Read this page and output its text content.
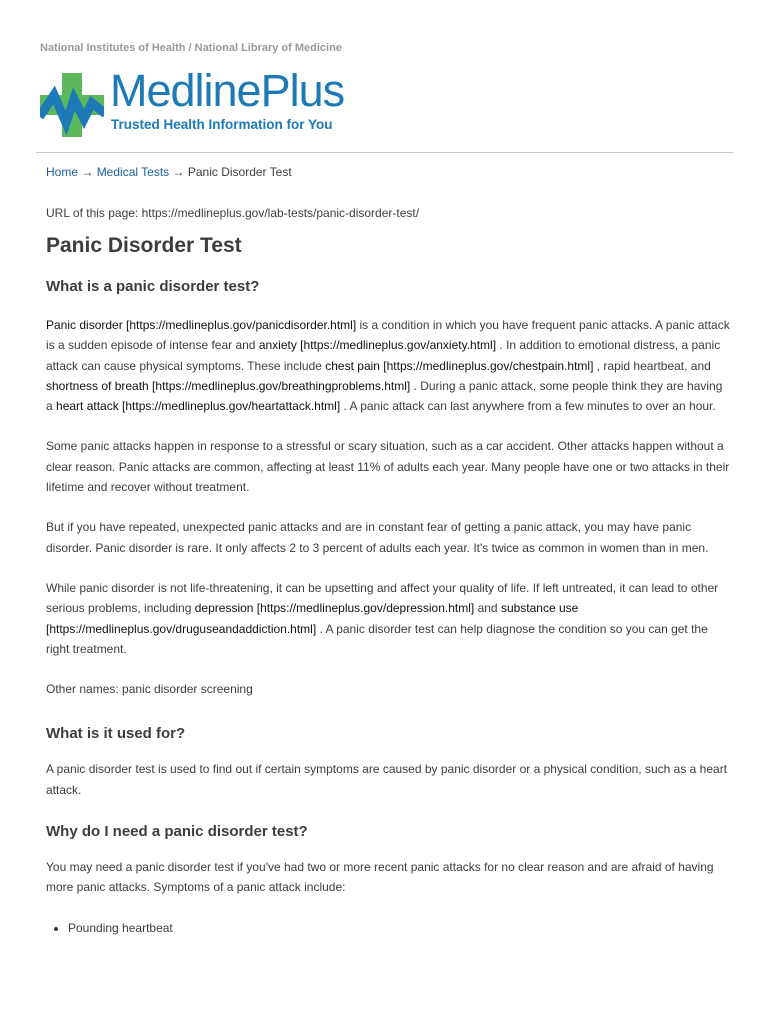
National Institutes of Health / National Library of Medicine
MedlinePlus
Trusted Health Information for You
Home → Medical Tests → Panic Disorder Test
URL of this page: https://medlineplus.gov/lab-tests/panic-disorder-test/
Panic Disorder Test
What is a panic disorder test?

Panic disorder [https://medlineplus.gov/panicdisorder.html] is a condition in which you have frequent panic attacks. A panic attack is a sudden episode of intense fear and anxiety [https://medlineplus.gov/anxiety.html] . In addition to emotional distress, a panic attack can cause physical symptoms. These include chest pain [https://medlineplus.gov/chestpain.html] , rapid heartbeat, and shortness of breath [https://medlineplus.gov/breathingproblems.html] . During a panic attack, some people think they are having a heart attack [https://medlineplus.gov/heartattack.html] . A panic attack can last anywhere from a few minutes to over an hour.

Some panic attacks happen in response to a stressful or scary situation, such as a car accident. Other attacks happen without a clear reason. Panic attacks are common, affecting at least 11% of adults each year. Many people have one or two attacks in their lifetime and recover without treatment.

But if you have repeated, unexpected panic attacks and are in constant fear of getting a panic attack, you may have panic disorder. Panic disorder is rare. It only affects 2 to 3 percent of adults each year. It's twice as common in women than in men.

While panic disorder is not life-threatening, it can be upsetting and affect your quality of life. If left untreated, it can lead to other serious problems, including depression [https://medlineplus.gov/depression.html] and substance use [https://medlineplus.gov/druguseandaddiction.html] . A panic disorder test can help diagnose the condition so you can get the right treatment.

Other names: panic disorder screening

What is it used for?

A panic disorder test is used to find out if certain symptoms are caused by panic disorder or a physical condition, such as a heart attack.

Why do I need a panic disorder test?

You may need a panic disorder test if you've had two or more recent panic attacks for no clear reason and are afraid of having more panic attacks. Symptoms of a panic attack include:

• Pounding heartbeat
